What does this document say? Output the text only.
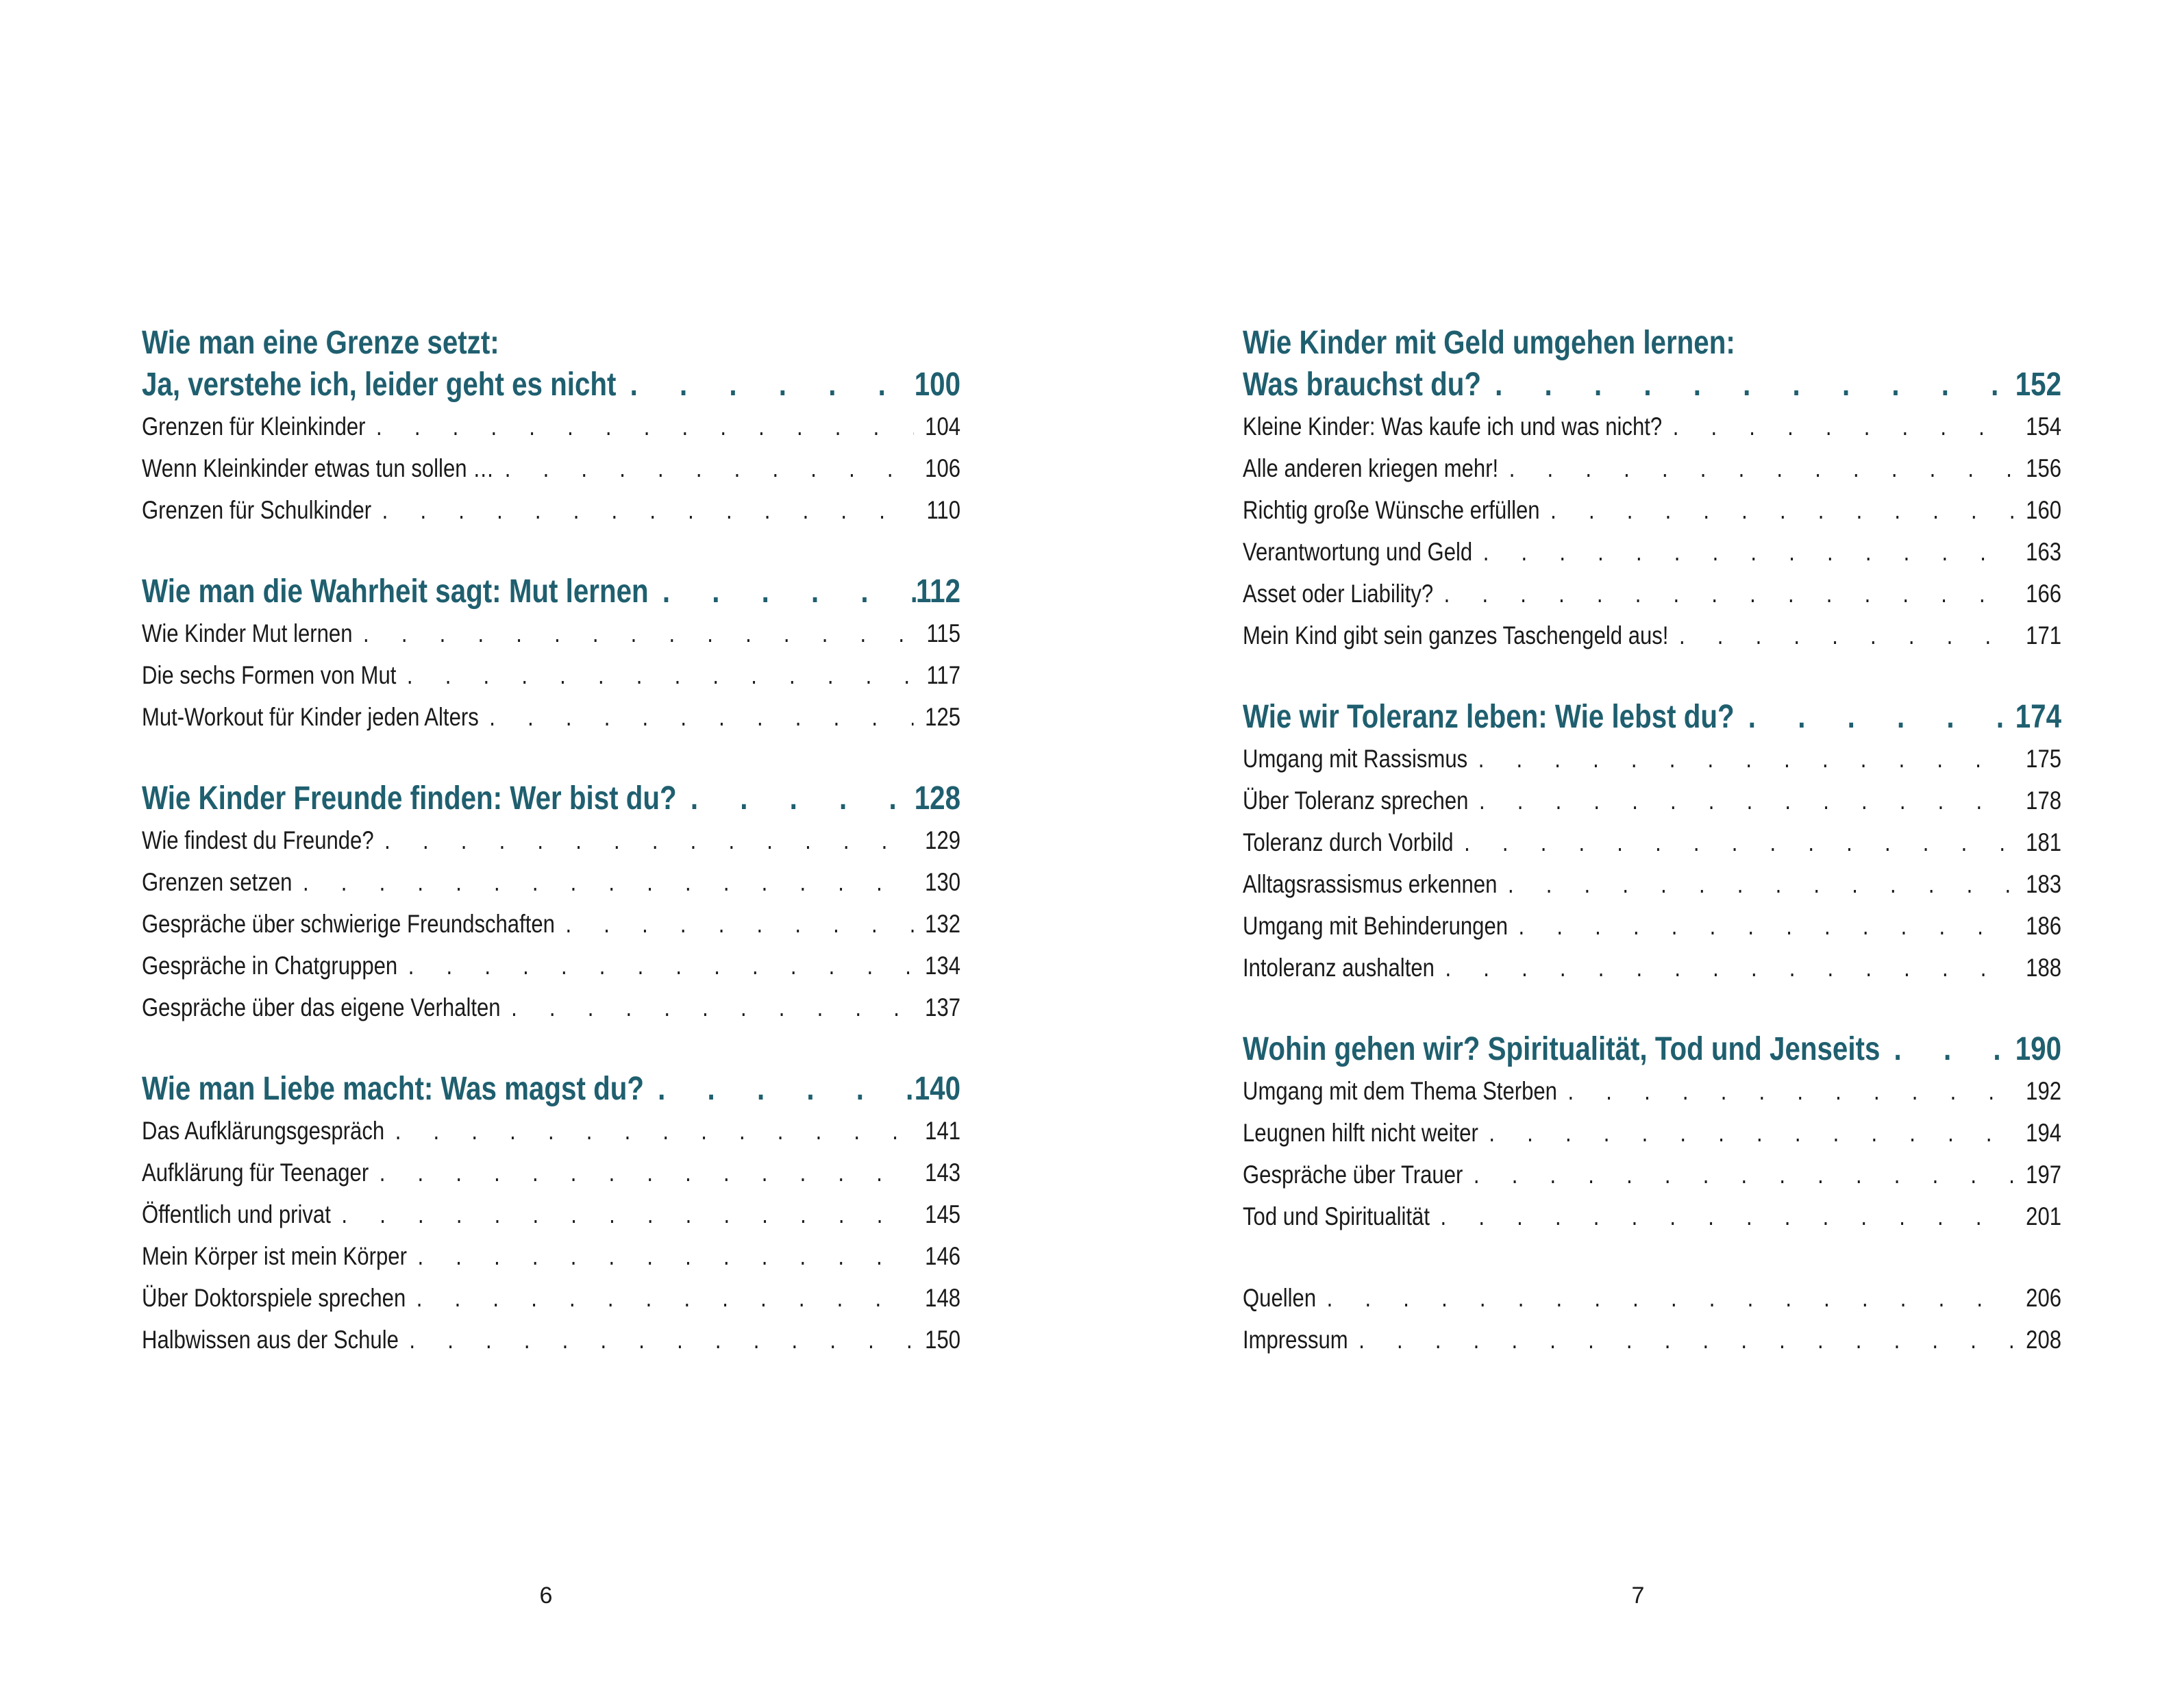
Wie man eine Grenze setzt:
Ja, verstehe ich, leider geht es nicht . . .	100
Grenzen für Kleinkinder . . .	104
Wenn Kleinkinder etwas tun sollen … . . .	106
Grenzen für Schulkinder . . .	110
Wie man die Wahrheit sagt: Mut lernen . . .	112
Wie Kinder Mut lernen . . .	115
Die sechs Formen von Mut . . .	117
Mut-Workout für Kinder jeden Alters . . .	125
Wie Kinder Freunde finden: Wer bist du? . . .	128
Wie findest du Freunde? . . .	129
Grenzen setzen . . .	130
Gespräche über schwierige Freundschaften . . .	132
Gespräche in Chatgruppen . . .	134
Gespräche über das eigene Verhalten . . .	137
Wie man Liebe macht: Was magst du? . . .	140
Das Aufklärungsgespräch . . .	141
Aufklärung für Teenager . . .	143
Öffentlich und privat . . .	145
Mein Körper ist mein Körper . . .	146
Über Doktorspiele sprechen . . .	148
Halbwissen aus der Schule . . .	150
6
Wie Kinder mit Geld umgehen lernen:
Was brauchst du? . . .	152
Kleine Kinder: Was kaufe ich und was nicht? . . .	154
Alle anderen kriegen mehr! . . .	156
Richtig große Wünsche erfüllen . . .	160
Verantwortung und Geld . . .	163
Asset oder Liability? . . .	166
Mein Kind gibt sein ganzes Taschengeld aus! . . .	171
Wie wir Toleranz leben: Wie lebst du? . . .	174
Umgang mit Rassismus . . .	175
Über Toleranz sprechen . . .	178
Toleranz durch Vorbild . . .	181
Alltagsrassismus erkennen . . .	183
Umgang mit Behinderungen . . .	186
Intoleranz aushalten . . .	188
Wohin gehen wir? Spiritualität, Tod und Jenseits . . .	190
Umgang mit dem Thema Sterben . . .	192
Leugnen hilft nicht weiter . . .	194
Gespräche über Trauer . . .	197
Tod und Spiritualität . . .	201
Quellen . . .	206
Impressum . . .	208
7
